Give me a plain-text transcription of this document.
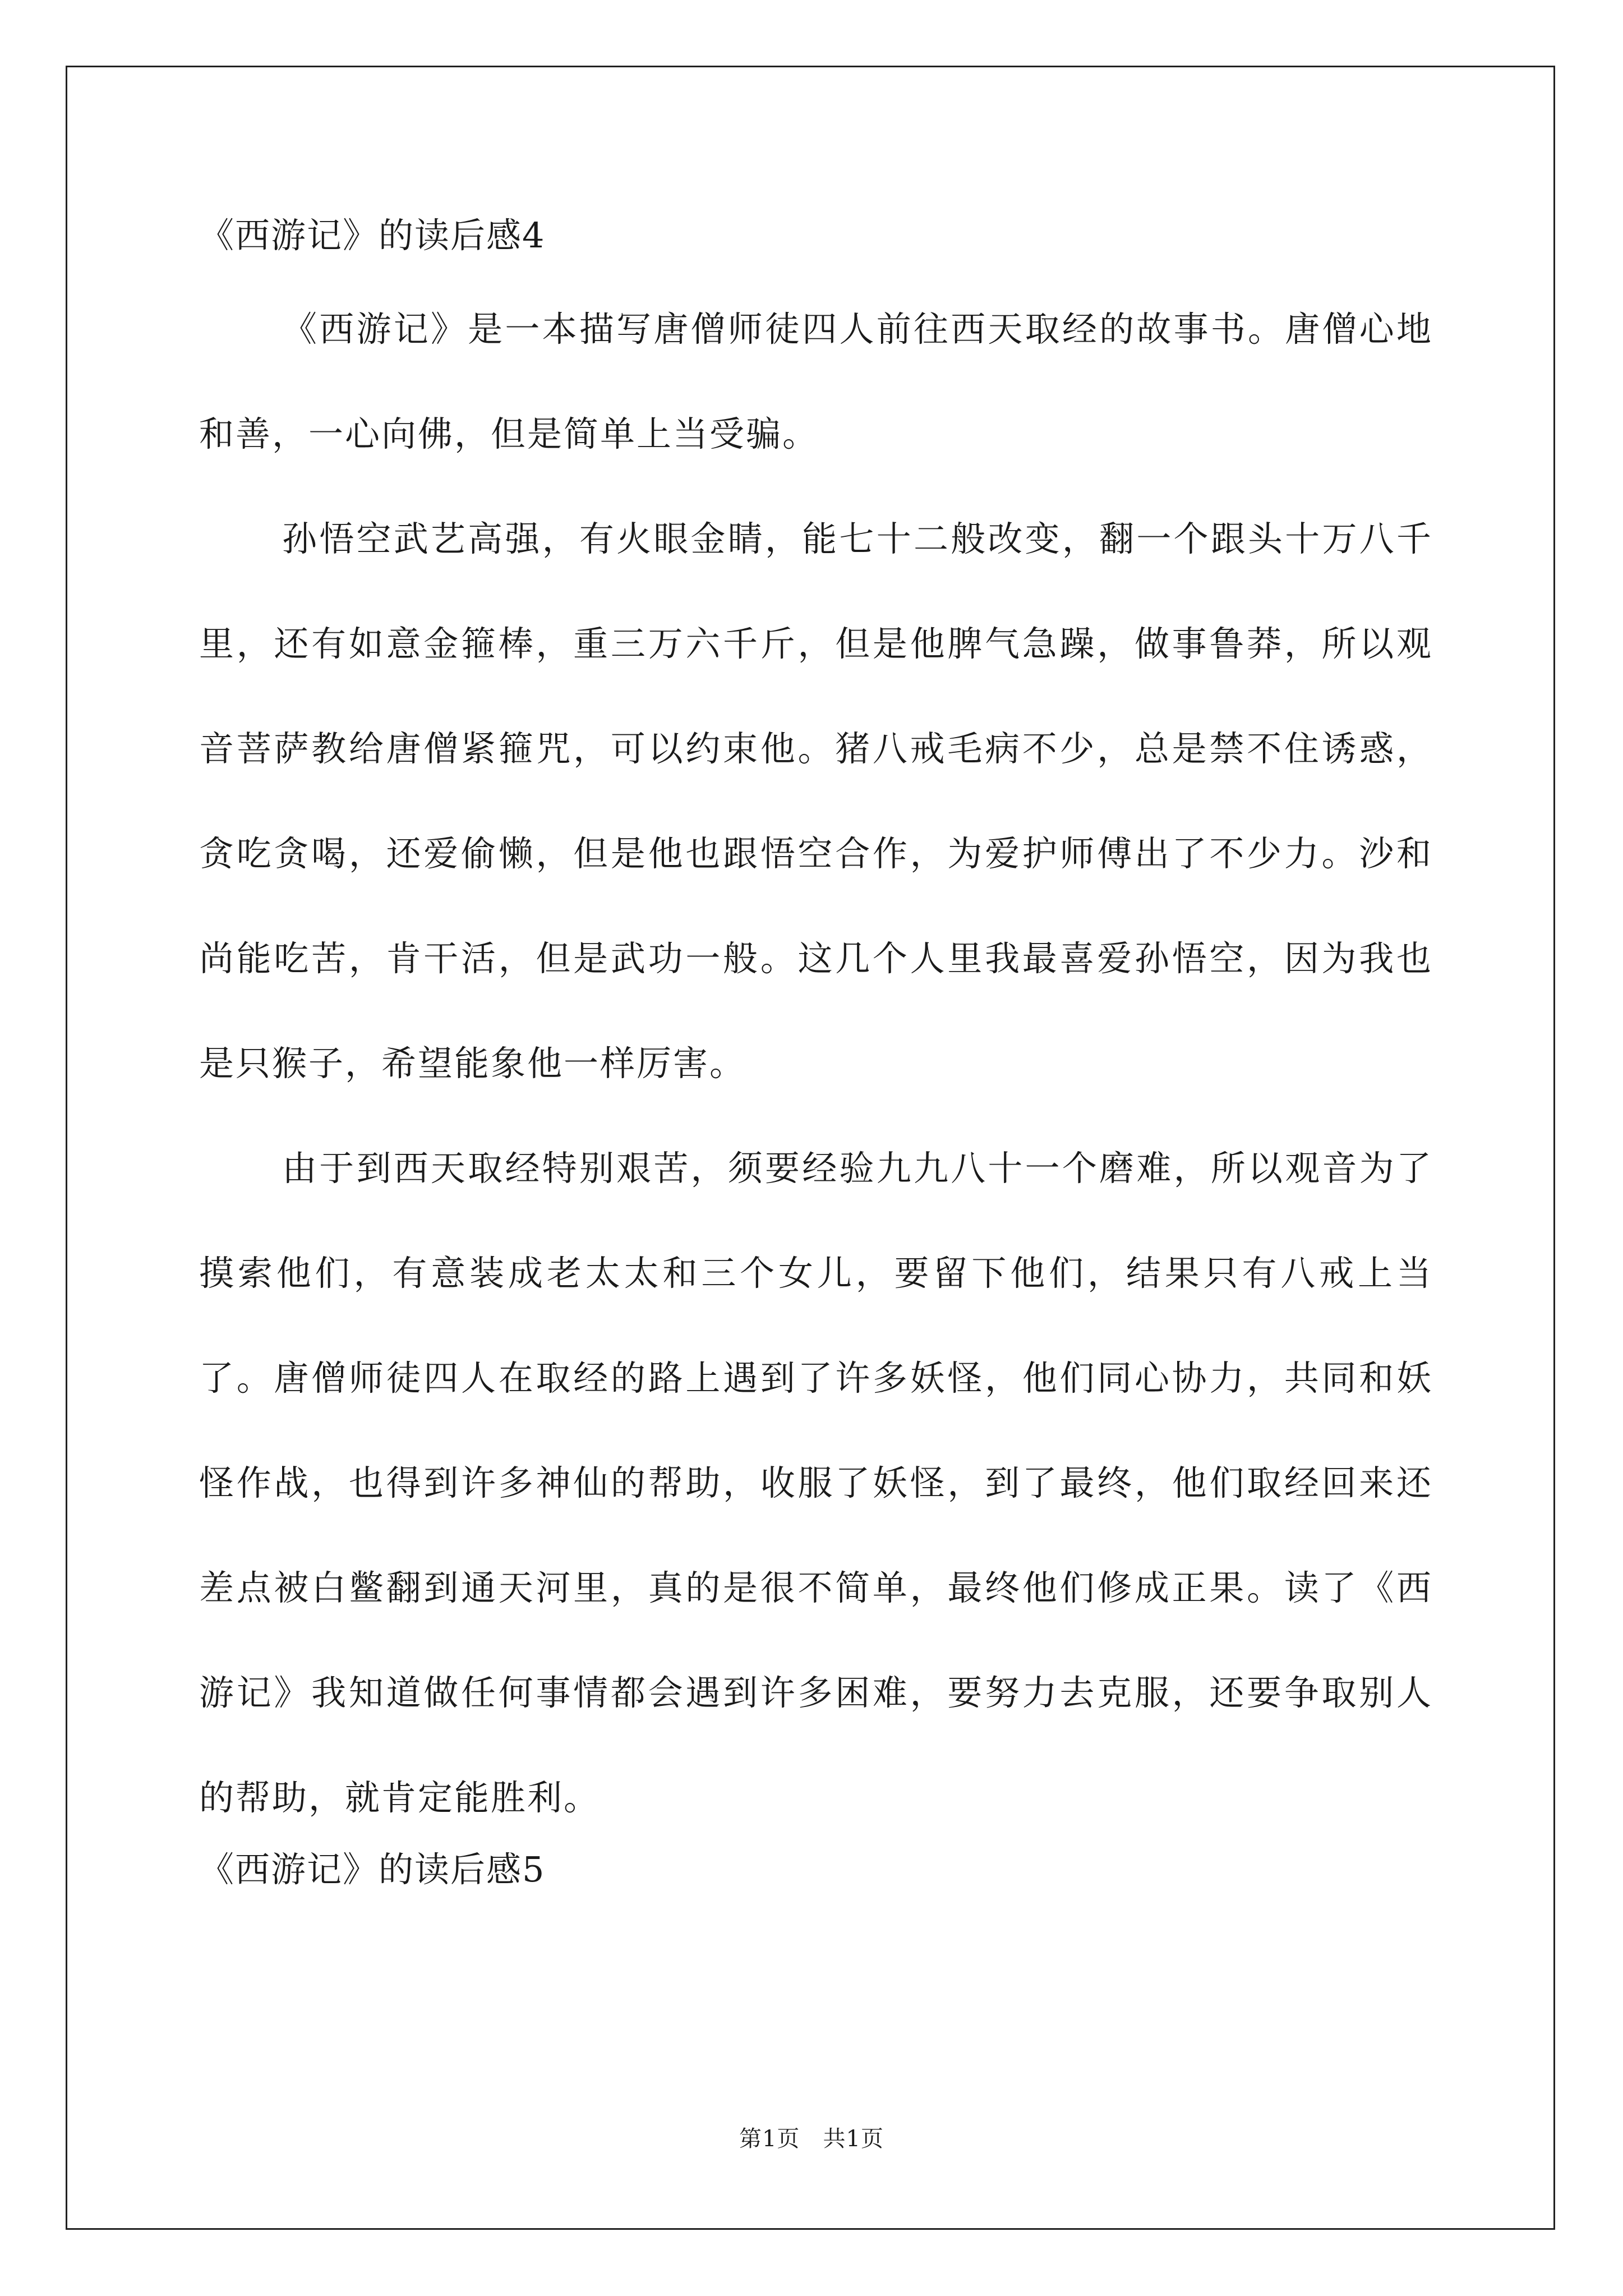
《西游记》的读后感4

《西游记》是一本描写唐僧师徒四人前往西天取经的故事书。唐僧心地和善，一心向佛，但是简单上当受骗。

孙悟空武艺高强，有火眼金睛，能七十二般改变，翻一个跟头十万八千里，还有如意金箍棒，重三万六千斤，但是他脾气急躁，做事鲁莽，所以观音菩萨教给唐僧紧箍咒，可以约束他。猪八戒毛病不少，总是禁不住诱惑，贪吃贪喝，还爱偷懒，但是他也跟悟空合作，为爱护师傅出了不少力。沙和尚能吃苦，肯干活，但是武功一般。这几个人里我最喜爱孙悟空，因为我也是只猴子，希望能象他一样厉害。

由于到西天取经特别艰苦，须要经验九九八十一个磨难，所以观音为了摸索他们，有意装成老太太和三个女儿，要留下他们，结果只有八戒上当了。唐僧师徒四人在取经的路上遇到了许多妖怪，他们同心协力，共同和妖怪作战，也得到许多神仙的帮助，收服了妖怪，到了最终，他们取经回来还差点被白鳖翻到通天河里，真的是很不简单，最终他们修成正果。读了《西游记》我知道做任何事情都会遇到许多困难，要努力去克服，还要争取别人的帮助，就肯定能胜利。

《西游记》的读后感5
第1页   共1页
